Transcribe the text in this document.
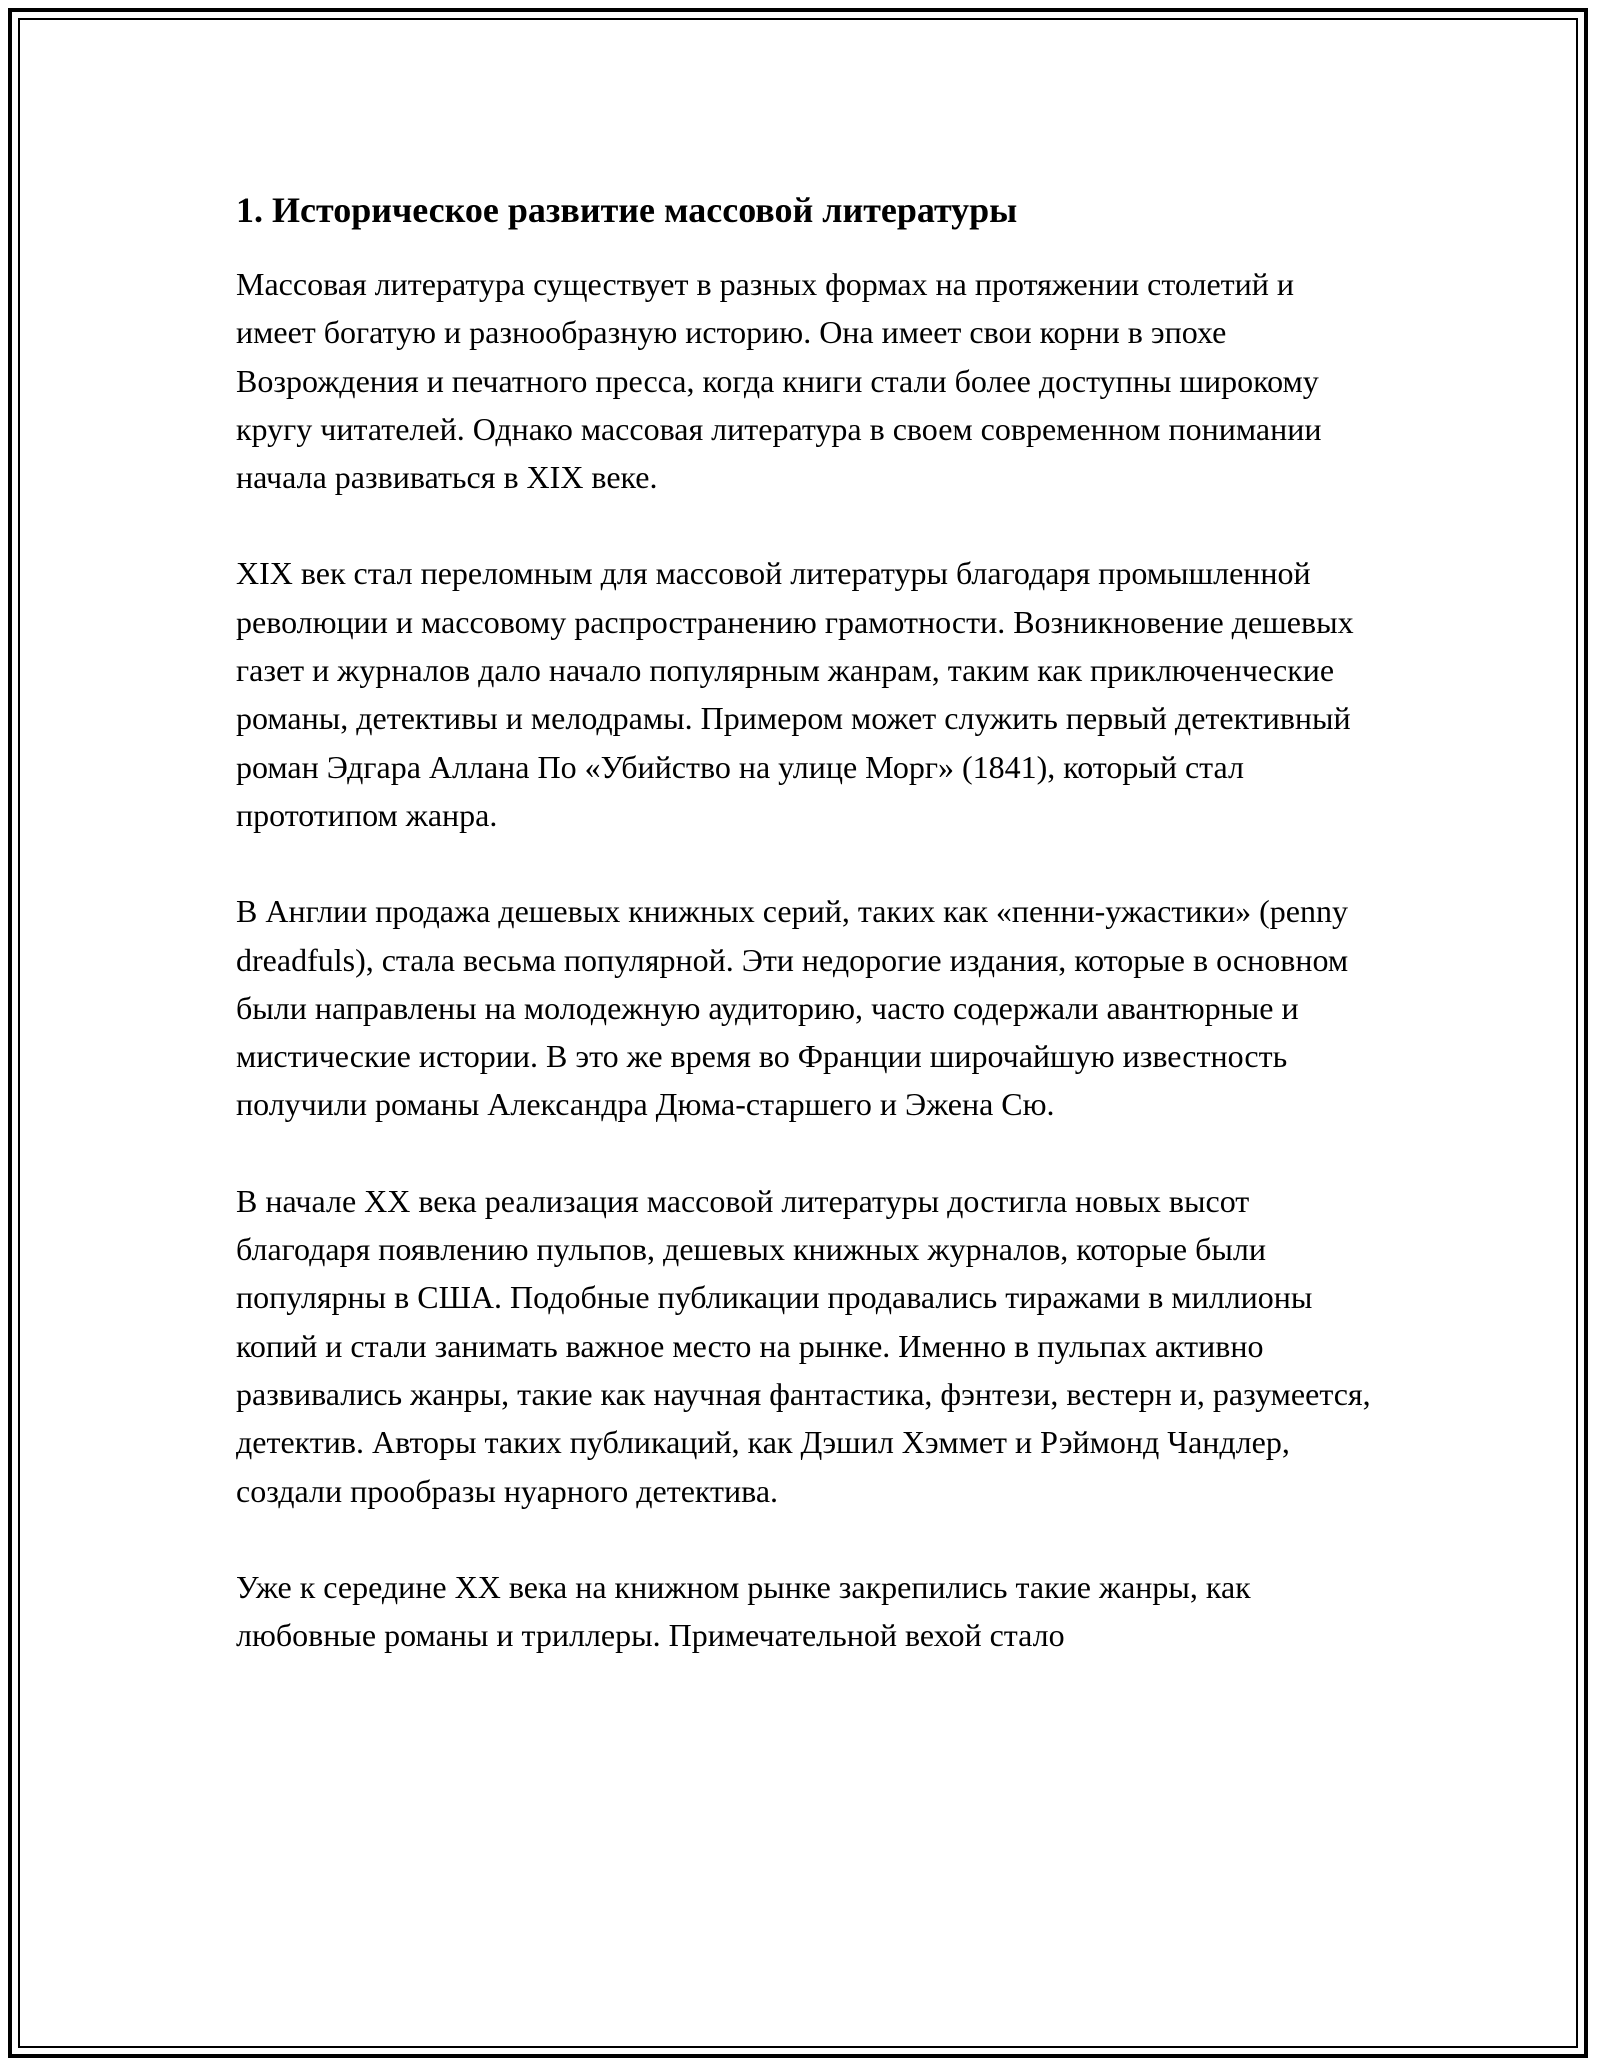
1. Историческое развитие массовой литературы

Массовая литература существует в разных формах на протяжении столетий и имеет богатую и разнообразную историю. Она имеет свои корни в эпохе Возрождения и печатного пресса, когда книги стали более доступны широкому кругу читателей. Однако массовая литература в своем современном понимании начала развиваться в XIX веке.

XIX век стал переломным для массовой литературы благодаря промышленной революции и массовому распространению грамотности. Возникновение дешевых газет и журналов дало начало популярным жанрам, таким как приключенческие романы, детективы и мелодрамы. Примером может служить первый детективный роман Эдгара Аллана По «Убийство на улице Морг» (1841), который стал прототипом жанра.

В Англии продажа дешевых книжных серий, таких как «пенни-ужастики» (penny dreadfuls), стала весьма популярной. Эти недорогие издания, которые в основном были направлены на молодежную аудиторию, часто содержали авантюрные и мистические истории. В это же время во Франции широчайшую известность получили романы Александра Дюма-старшего и Эжена Сю.

В начале XX века реализация массовой литературы достигла новых высот благодаря появлению пульпов, дешевых книжных журналов, которые были популярны в США. Подобные публикации продавались тиражами в миллионы копий и стали занимать важное место на рынке. Именно в пульпах активно развивались жанры, такие как научная фантастика, фэнтези, вестерн и, разумеется, детектив. Авторы таких публикаций, как Дэшил Хэммет и Рэймонд Чандлер, создали прообразы нуарного детектива.

Уже к середине XX века на книжном рынке закрепились такие жанры, как любовные романы и триллеры. Примечательной вехой стало
